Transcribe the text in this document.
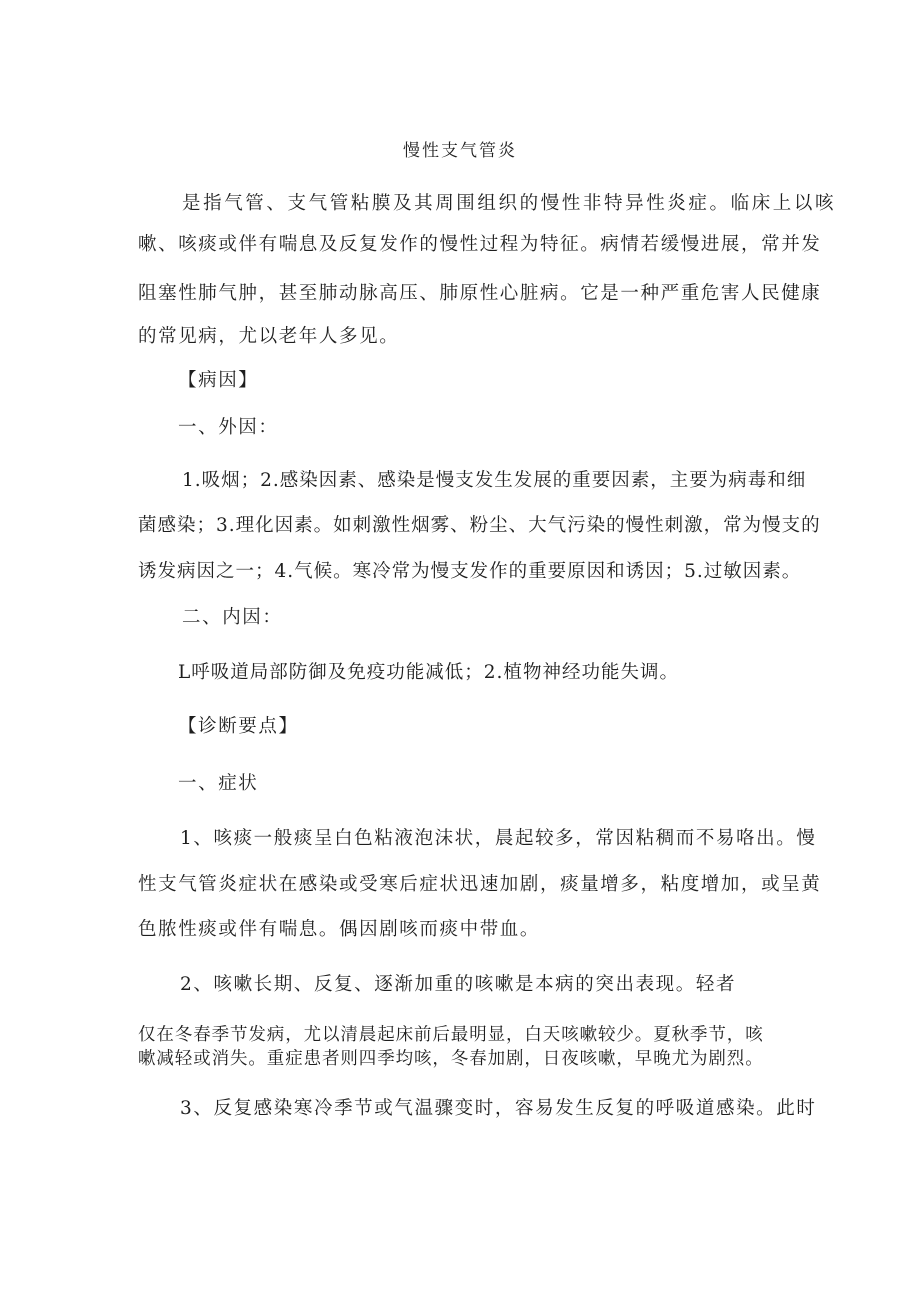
慢性支气管炎
是指气管、支气管粘膜及其周围组织的慢性非特异性炎症。临床上以咳
嗽、咳痰或伴有喘息及反复发作的慢性过程为特征。病情若缓慢进展，常并发
阻塞性肺气肿，甚至肺动脉高压、肺原性心脏病。它是一种严重危害人民健康
的常见病，尤以老年人多见。
【病因】
一、外因：
1.吸烟；2.感染因素、感染是慢支发生发展的重要因素，主要为病毒和细
菌感染；3.理化因素。如刺激性烟雾、粉尘、大气污染的慢性刺激，常为慢支的
诱发病因之一；4.气候。寒冷常为慢支发作的重要原因和诱因；5.过敏因素。
二、内因：
L呼吸道局部防御及免疫功能减低；2.植物神经功能失调。
【诊断要点】
一、症状
1、咳痰一般痰呈白色粘液泡沫状，晨起较多，常因粘稠而不易咯出。慢
性支气管炎症状在感染或受寒后症状迅速加剧，痰量增多，粘度增加，或呈黄
色脓性痰或伴有喘息。偶因剧咳而痰中带血。
2、咳嗽长期、反复、逐渐加重的咳嗽是本病的突出表现。轻者
仅在冬春季节发病，尤以清晨起床前后最明显，白天咳嗽较少。夏秋季节，咳
嗽减轻或消失。重症患者则四季均咳，冬春加剧，日夜咳嗽，早晚尤为剧烈。
3、反复感染寒冷季节或气温骤变时，容易发生反复的呼吸道感染。此时
